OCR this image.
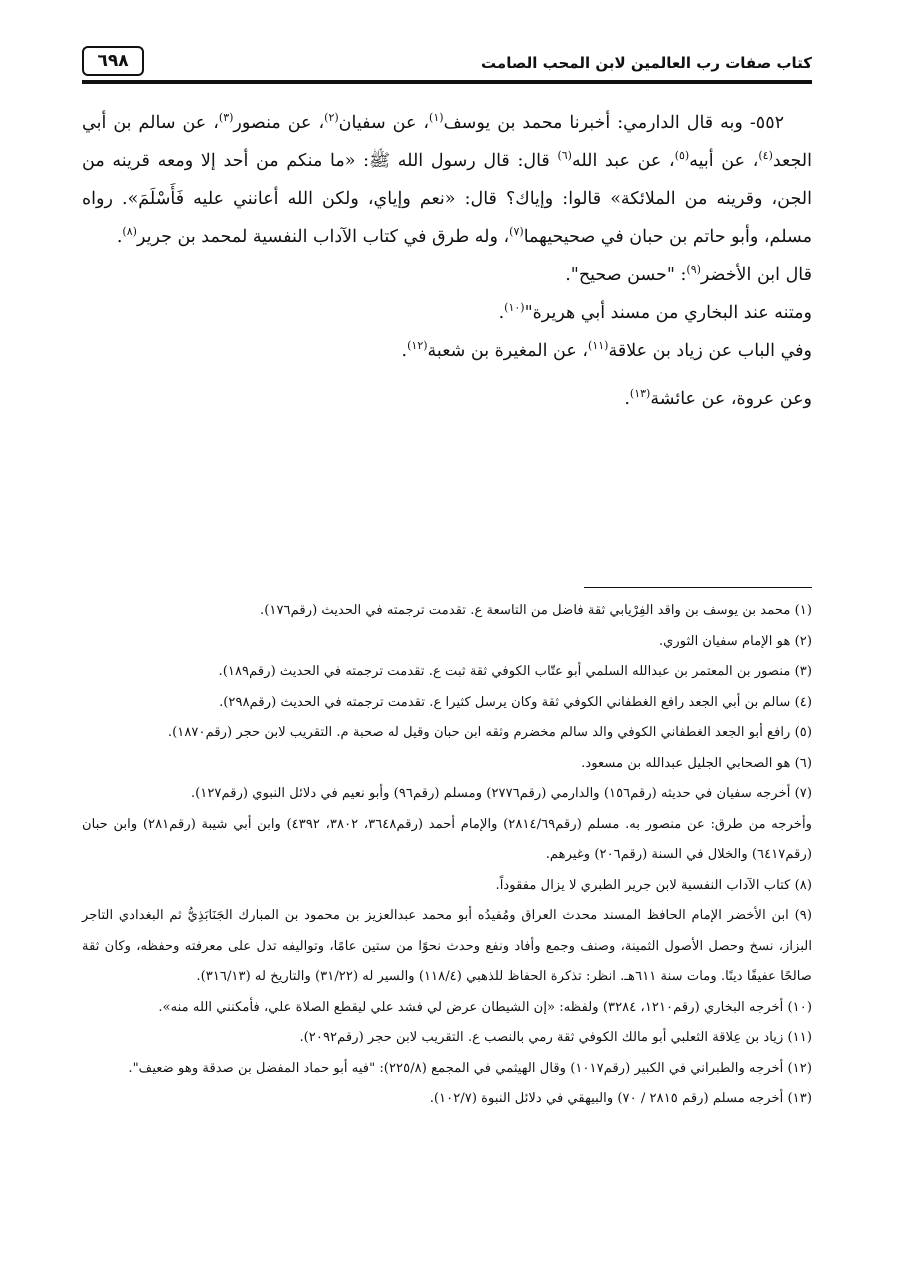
كتاب صفات رب العالمين لابن المحب الصامت
٦٩٨

٥٥٢- وبه قال الدارمي: أخبرنا محمد بن يوسف$^{(١)}$، عن سفيان$^{(٢)}$، عن منصور$^{(٣)}$، عن سالم بن أبي الجعد$^{(٤)}$، عن أبيه$^{(٥)}$، عن عبد الله$^{(٦)}$ قال: قال رسول الله ﷺ: «ما منكم من أحد إلا ومعه قرينه من الجن، وقرينه من الملائكة» قالوا: وإياك؟ قال: «نعم وإياي، ولكن الله أعانني عليه فَأَسْلَمَ». رواه مسلم، وأبو حاتم بن حبان في صحيحيهما$^{(٧)}$، وله طرق في كتاب الآداب النفسية لمحمد بن جرير$^{(٨)}$.

قال ابن الأخضر$^{(٩)}$: "حسن صحيح".

ومتنه عند البخاري من مسند أبي هريرة"$^{(١٠)}$.

وفي الباب عن زياد بن علاقة$^{(١١)}$، عن المغيرة بن شعبة$^{(١٢)}$.

وعن عروة، عن عائشة$^{(١٣)}$.

(١) محمد بن يوسف بن واقد الفِرْيابي ثقة فاضل من التاسعة ع. تقدمت ترجمته في الحديث (رقم١٧٦).

(٢) هو الإمام سفيان الثوري.

(٣) منصور بن المعتمر بن عبدالله السلمي أبو عتّاب الكوفي ثقة ثبت ع. تقدمت ترجمته في الحديث (رقم١٨٩).

(٤) سالم بن أبي الجعد رافع الغطفاني الكوفي ثقة وكان يرسل كثيرا ع. تقدمت ترجمته في الحديث (رقم٢٩٨).

(٥) رافع أبو الجعد الغطفاني الكوفي والد سالم مخضرم وثقه ابن حبان وقيل له صحبة م. التقريب لابن حجر (رقم١٨٧٠).

(٦) هو الصحابي الجليل عبدالله بن مسعود.

(٧) أخرجه سفيان في حديثه (رقم١٥٦) والدارمي (رقم٢٧٧٦) ومسلم (رقم٩٦) وأبو نعيم في دلائل النبوي (رقم١٢٧).

وأخرجه من طرق: عن منصور به. مسلم (رقم٢٨١٤/٦٩) والإمام أحمد (رقم٣٦٤٨، ٣٨٠٢، ٤٣٩٢) وابن أبي شيبة (رقم٢٨١) وابن حبان (رقم٦٤١٧) والخلال في السنة (رقم٢٠٦) وغيرهم.

(٨) كتاب الآداب النفسية لابن جرير الطبري لا يزال مفقوداً.

(٩) ابن الأخضر الإمام الحافظ المسند محدث العراق ومُفيدُه أبو محمد عبدالعزيز بن محمود بن المبارك الجَنَابَذِيُّ ثم البغدادي التاجر البزاز، نسخ وحصل الأصول الثمينة، وصنف وجمع وأفاد ونفع وحدث نحوًا من ستين عامًا، وتواليفه تدل على معرفته وحفظه، وكان ثقة صالحًا عفيفًا دينًا. ومات سنة ٦١١هـ. انظر: تذكرة الحفاظ للذهبي (١١٨/٤) والسير له (٣١/٢٢) والتاريخ له (٣١٦/١٣).

(١٠) أخرجه البخاري (رقم١٢١٠، ٣٢٨٤) ولفظه: «إن الشيطان عرض لي فشد علي ليقطع الصلاة علي، فأمكنني الله منه».

(١١) زياد بن عِلاقة الثعلبي أبو مالك الكوفي ثقة رمي بالنصب ع. التقريب لابن حجر (رقم٢٠٩٢).

(١٢) أخرجه والطبراني في الكبير (رقم١٠١٧) وقال الهيثمي في المجمع (٢٢٥/٨): "فيه أبو حماد المفضل بن صدقة وهو ضعيف".

(١٣) أخرجه مسلم (رقم ٢٨١٥ / ٧٠) والبيهقي في دلائل النبوة (١٠٢/٧).
